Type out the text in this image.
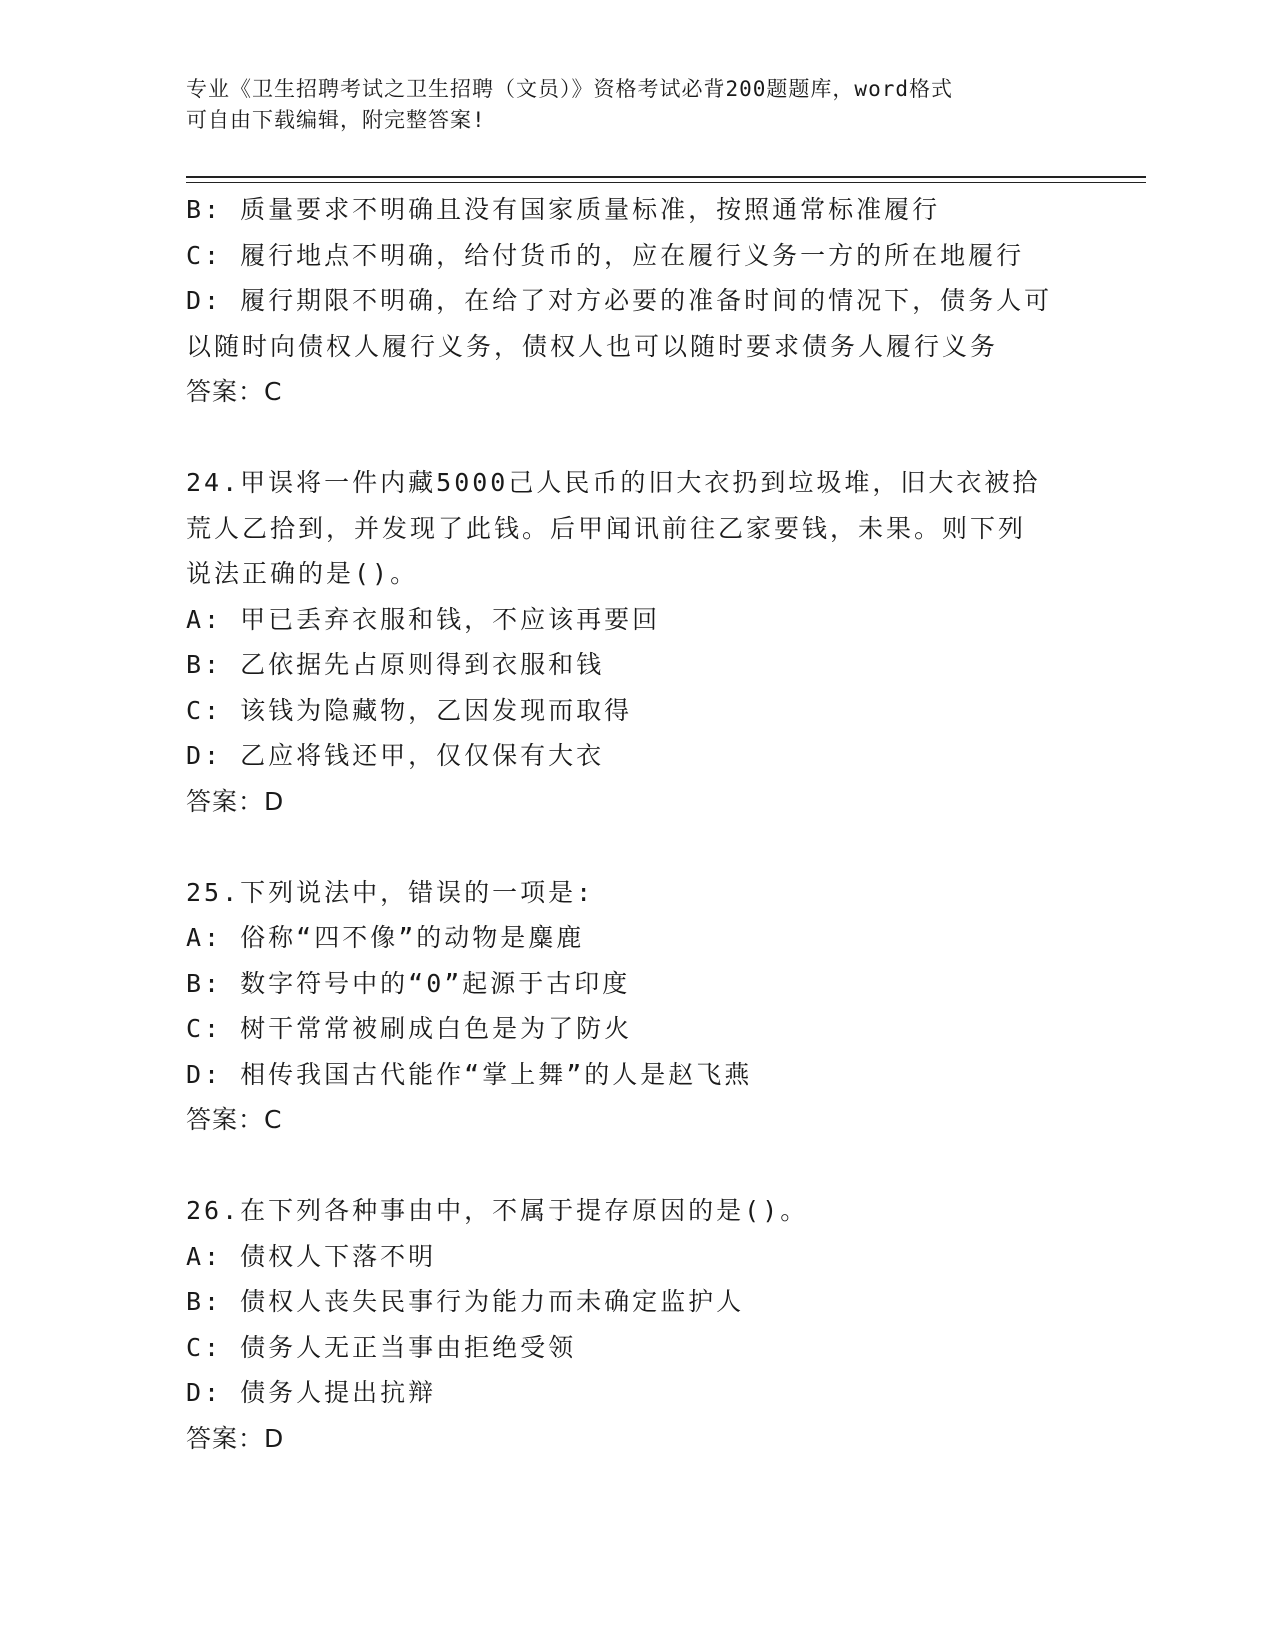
专业《卫生招聘考试之卫生招聘（文员）》资格考试必背200题题库，word格式
可自由下载编辑，附完整答案!
B: 质量要求不明确且没有国家质量标准，按照通常标准履行
C: 履行地点不明确，给付货币的，应在履行义务一方的所在地履行
D: 履行期限不明确，在给了对方必要的准备时间的情况下，债务人可
以随时向债权人履行义务，债权人也可以随时要求债务人履行义务
答案：C
24.甲误将一件内藏5000己人民币的旧大衣扔到垃圾堆，旧大衣被拾
荒人乙拾到，并发现了此钱。后甲闻讯前往乙家要钱，未果。则下列
说法正确的是()。
A: 甲已丢弃衣服和钱，不应该再要回
B: 乙依据先占原则得到衣服和钱
C: 该钱为隐藏物，乙因发现而取得
D: 乙应将钱还甲，仅仅保有大衣
答案：D
25.下列说法中，错误的一项是:
A: 俗称“四不像”的动物是麋鹿
B: 数字符号中的“0”起源于古印度
C: 树干常常被刷成白色是为了防火
D: 相传我国古代能作“掌上舞”的人是赵飞燕
答案：C
26.在下列各种事由中，不属于提存原因的是()。
A: 债权人下落不明
B: 债权人丧失民事行为能力而未确定监护人
C: 债务人无正当事由拒绝受领
D: 债务人提出抗辩
答案：D
